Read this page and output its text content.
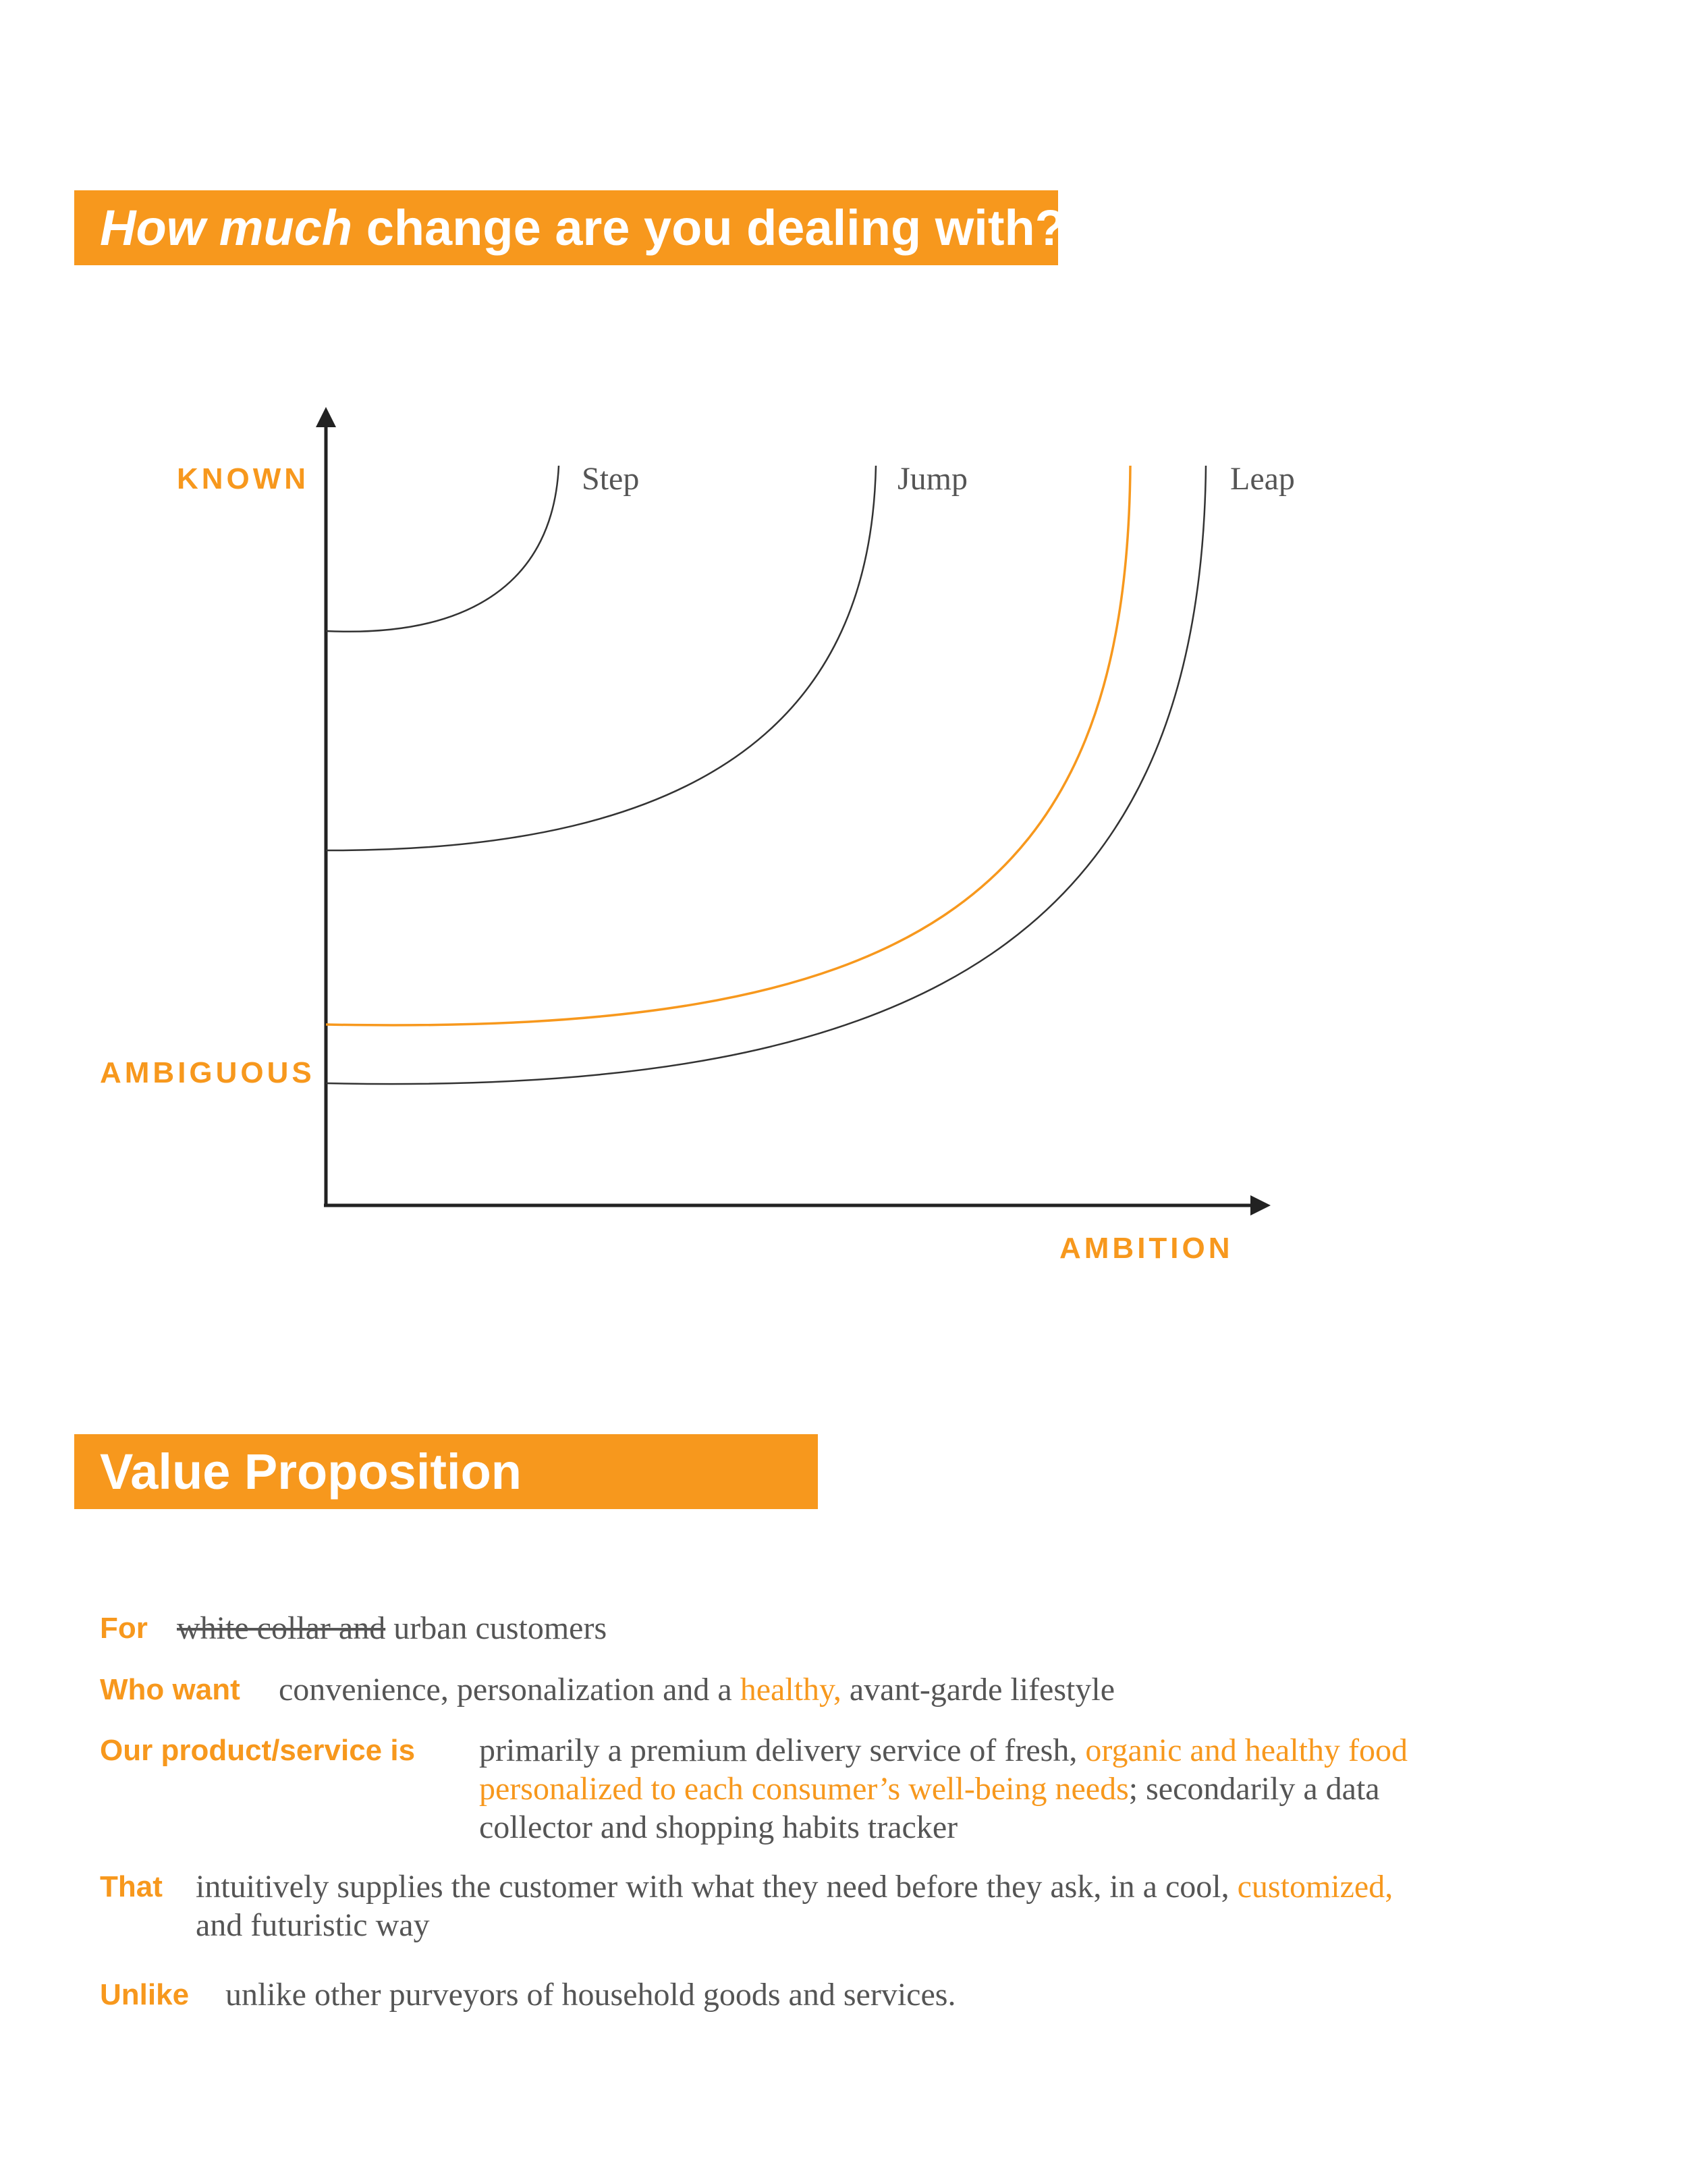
How much change are you dealing with?
KNOWN
AMBIGUOUS
AMBITION
Step	Jump	Leap
Value Proposition
For white collar and urban customers
Who want convenience, personalization and a healthy, avant-garde lifestyle
Our product/service is primarily a premium delivery service of fresh, organic and healthy food
personalized to each consumer’s well-being needs; secondarily a data
collector and shopping habits tracker
That intuitively supplies the customer with what they need before they ask, in a cool, customized,
and futuristic way
Unlike unlike other purveyors of household goods and services.
